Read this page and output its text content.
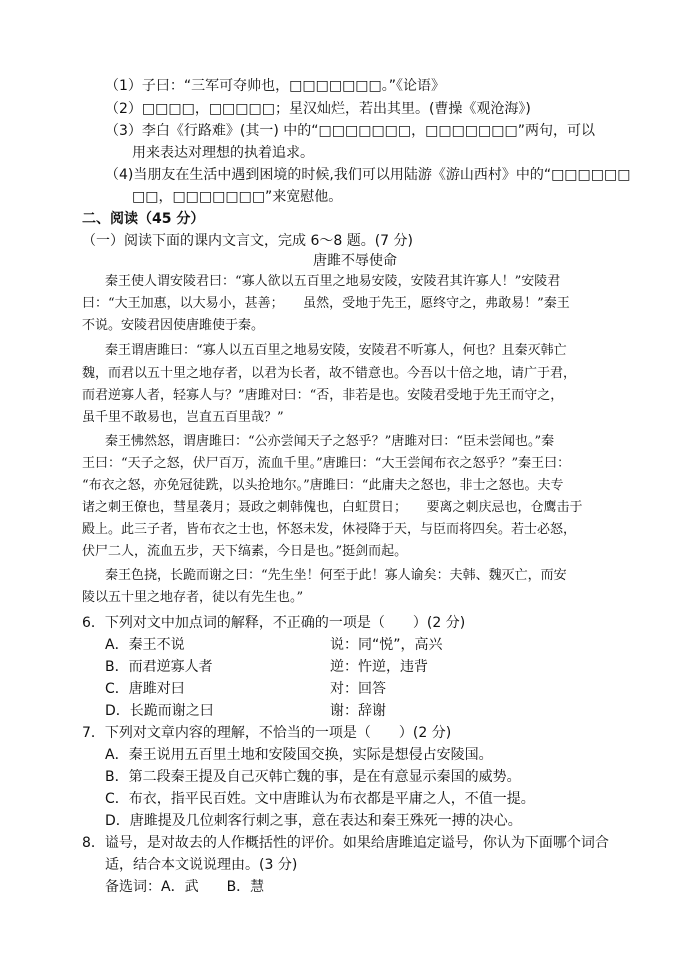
（1）子曰：“三军可夺帅也，□□□□□□□。”《论语》
（2）□□□□，□□□□□；星汉灿烂，若出其里。(曹操《观沧海》)
（3）李白《行路难》(其一) 中的“□□□□□□□，□□□□□□□”两句，可以
用来表达对理想的执着追求。
（4)当朋友在生活中遇到困境的时候,我们可以用陆游《游山西村》中的“□□□□□□
□□，□□□□□□□”来宽慰他。
二、阅读（45 分）
（一）阅读下面的课内文言文，完成 6～8 题。(7 分)
唐雎不辱使命
秦王使人谓安陵君曰：“寡人欲以五百里之地易安陵，安陵君其许寡人！”安陵君
曰：“大王加惠，以大易小，甚善；　　虽然，受地于先王，愿终守之，弗敢易！”秦王
不说。安陵君因使唐雎使于秦。
秦王谓唐雎曰：“寡人以五百里之地易安陵，安陵君不听寡人，何也？且秦灭韩亡
魏，而君以五十里之地存者，以君为长者，故不错意也。今吾以十倍之地，请广于君，
而君逆寡人者，轻寡人与？”唐雎对曰：“否，非若是也。安陵君受地于先王而守之，
虽千里不敢易也，岂直五百里哉？”
秦王怫然怒，谓唐雎曰：“公亦尝闻天子之怒乎？”唐雎对曰：“臣未尝闻也。”秦
王曰：“天子之怒，伏尸百万，流血千里。”唐雎曰：“大王尝闻布衣之怒乎？”秦王曰：
“布衣之怒，亦免冠徒跣，以头抢地尔。”唐雎曰：“此庸夫之怒也，非士之怒也。夫专
诸之刺王僚也，彗星袭月；聂政之刺韩傀也，白虹贯日；　　要离之刺庆忌也，仓鹰击于
殿上。此三子者，皆布衣之士也，怀怒未发，休祲降于天，与臣而将四矣。若士必怒，
伏尸二人，流血五步，天下缟素，今日是也。”挺剑而起。
秦王色挠，长跪而谢之曰：“先生坐！何至于此！寡人谕矣：夫韩、魏灭亡，而安
陵以五十里之地存者，徒以有先生也。”
6．下列对文中加点词的解释，不正确的一项是（　　）(2 分)
A．秦王不说	说：同“悦”，高兴
B．而君逆寡人者	逆：忤逆，违背
C．唐雎对曰	对：回答
D．长跪而谢之曰	谢：辞谢
7．下列对文章内容的理解，不恰当的一项是（　　）(2 分)
A．秦王说用五百里土地和安陵国交换，实际是想侵占安陵国。
B．第二段秦王提及自己灭韩亡魏的事，是在有意显示秦国的威势。
C．布衣，指平民百姓。文中唐雎认为布衣都是平庸之人，不值一提。
D．唐雎提及几位刺客行刺之事，意在表达和秦王殊死一搏的决心。
8．谥号，是对故去的人作概括性的评价。如果给唐雎追定谥号，你认为下面哪个词合
适，结合本文说说理由。(3 分)
备选词：A．武　　B．慧
